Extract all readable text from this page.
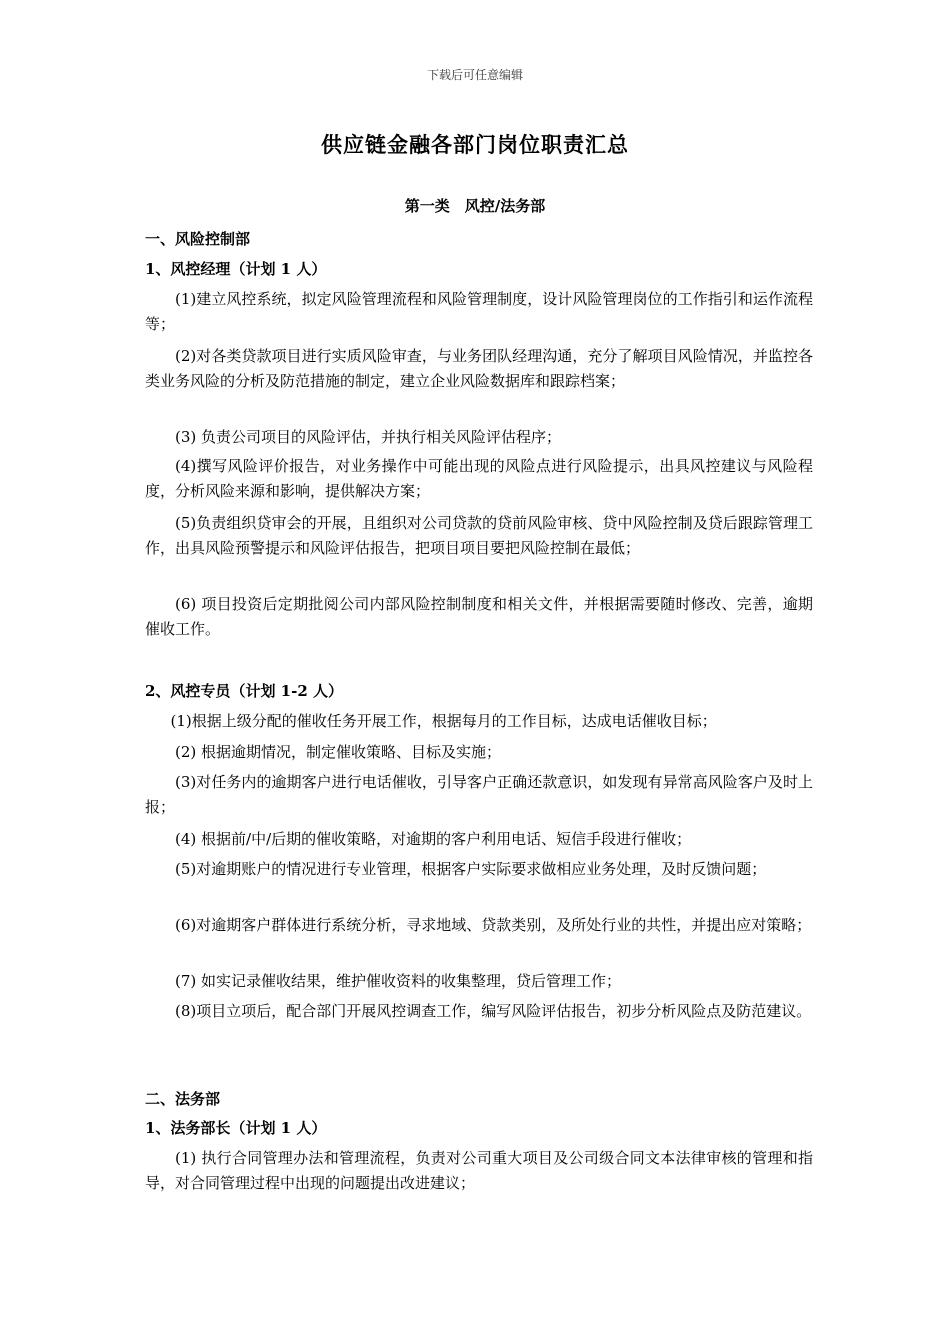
下载后可任意编辑
供应链金融各部门岗位职责汇总
第一类　风控/法务部
一、风险控制部
1、风控经理（计划 1 人）
(1)建立风控系统，拟定风险管理流程和风险管理制度，设计风险管理岗位的工作指引和运作流程等；
(2)对各类贷款项目进行实质风险审查，与业务团队经理沟通，充分了解项目风险情况，并监控各类业务风险的分析及防范措施的制定，建立企业风险数据库和跟踪档案；
(3) 负责公司项目的风险评估，并执行相关风险评估程序；
(4)撰写风险评价报告，对业务操作中可能出现的风险点进行风险提示，出具风控建议与风险程度，分析风险来源和影响，提供解决方案；
(5)负责组织贷审会的开展，且组织对公司贷款的贷前风险审核、贷中风险控制及贷后跟踪管理工作，出具风险预警提示和风险评估报告，把项目项目要把风险控制在最低；
(6) 项目投资后定期批阅公司内部风险控制制度和相关文件，并根据需要随时修改、完善，逾期催收工作。
2、风控专员（计划 1-2 人）
(1)根据上级分配的催收任务开展工作，根据每月的工作目标，达成电话催收目标；
(2) 根据逾期情况，制定催收策略、目标及实施；
(3)对任务内的逾期客户进行电话催收，引导客户正确还款意识，如发现有异常高风险客户及时上报；
(4) 根据前/中/后期的催收策略，对逾期的客户利用电话、短信手段进行催收；
(5)对逾期账户的情况进行专业管理，根据客户实际要求做相应业务处理，及时反馈问题；
(6)对逾期客户群体进行系统分析，寻求地域、贷款类别，及所处行业的共性，并提出应对策略；
(7) 如实记录催收结果，维护催收资料的收集整理，贷后管理工作；
(8)项目立项后，配合部门开展风控调查工作，编写风险评估报告，初步分析风险点及防范建议。
二、法务部
1、法务部长（计划 1 人）
(1) 执行合同管理办法和管理流程，负责对公司重大项目及公司级合同文本法律审核的管理和指导，对合同管理过程中出现的问题提出改进建议；
